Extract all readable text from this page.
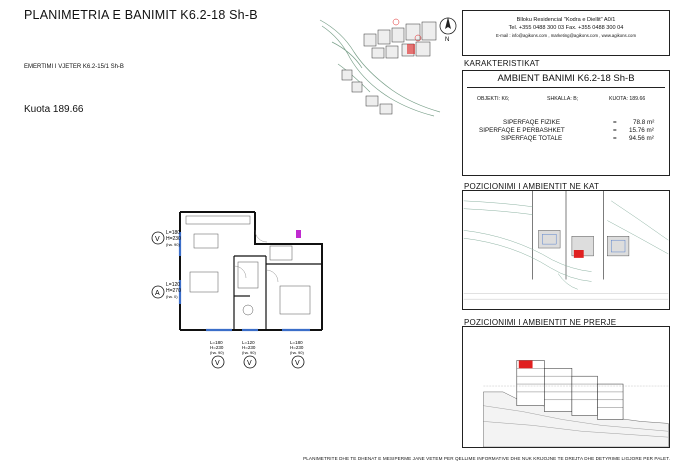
PLANIMETRIA E BANIMIT K6.2-18 Sh-B
EMERTIMI I VJETER K6.2-15/1 Sh-B
Kuota 189.66
N
Blloku Residencial "Kodra e Diellit" A0/1
Tel. +355 0488 300 03 Fax. +355 0488 300 04
E-mail : info@agikons.com , marketing@agikons.com , www.agikons.com
KARAKTERISTIKAT
AMBIENT BANIMI K6.2-18 Sh-B
OBJEKTI: K6;	SHKALLA: B;	KUOTA: 189.66
SIPERFAQE FIZIKE	=	78.8 m²
SIPERFAQE E PERBASHKET	= 15.76 m²
SIPERFAQE TOTALE	= 94.56 m²
POZICIONIMI I AMBIENTIT NE KAT
POZICIONIMI I AMBIENTIT NE PRERJE
V
L=180
H=230
(ha. 90)
A
L=120
H=270
(ha. 0)
V
L=180
H=230
(ha. 90)
V
L=120
H=230
(ha. 90)
V
L=180
H=230
(ha. 90)
PLANIMETRITE DHE TE DHENAT E MESIPERME JANE VETEM PER QELLIME INFORMATIVE DHE NUK KRIJOJNE TE DREJTA DHE DETYRIME LIGJORE PER PALET.
